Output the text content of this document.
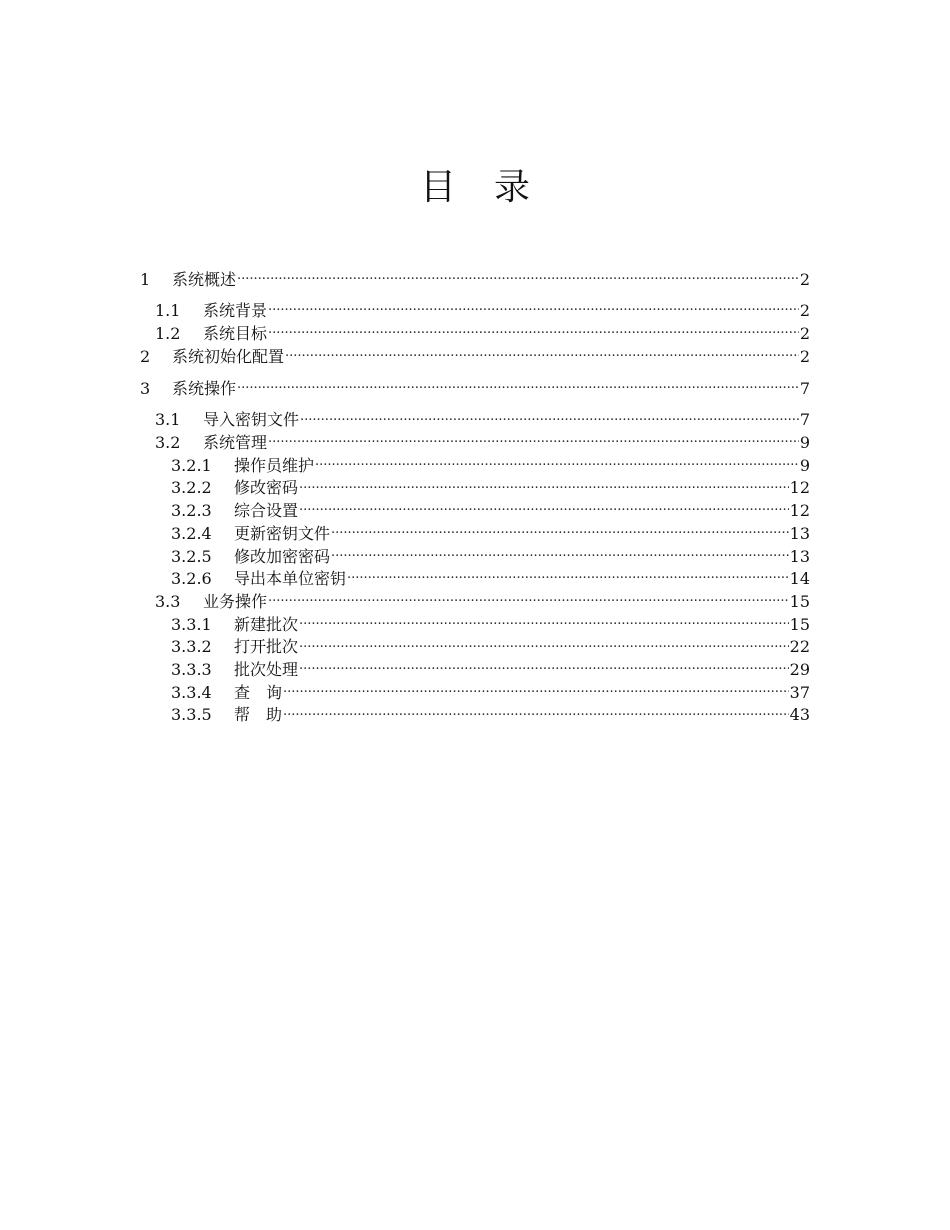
目 录
1	系统概述 .....	2
1.1	系统背景 .....	2
1.2	系统目标 .....	2
2	系统初始化配置 .....	2
3	系统操作 .....	7
3.1	导入密钥文件 .....	7
3.2	系统管理 .....	9
3.2.1	操作员维护 .....	9
3.2.2	修改密码 .....	12
3.2.3	综合设置 .....	12
3.2.4	更新密钥文件 .....	13
3.2.5	修改加密密码 .....	13
3.2.6	导出本单位密钥 .....	14
3.3	业务操作 .....	15
3.3.1	新建批次 .....	15
3.3.2	打开批次 .....	22
3.3.3	批次处理 .....	29
3.3.4	查　询 .....	37
3.3.5	帮　助 .....	43
